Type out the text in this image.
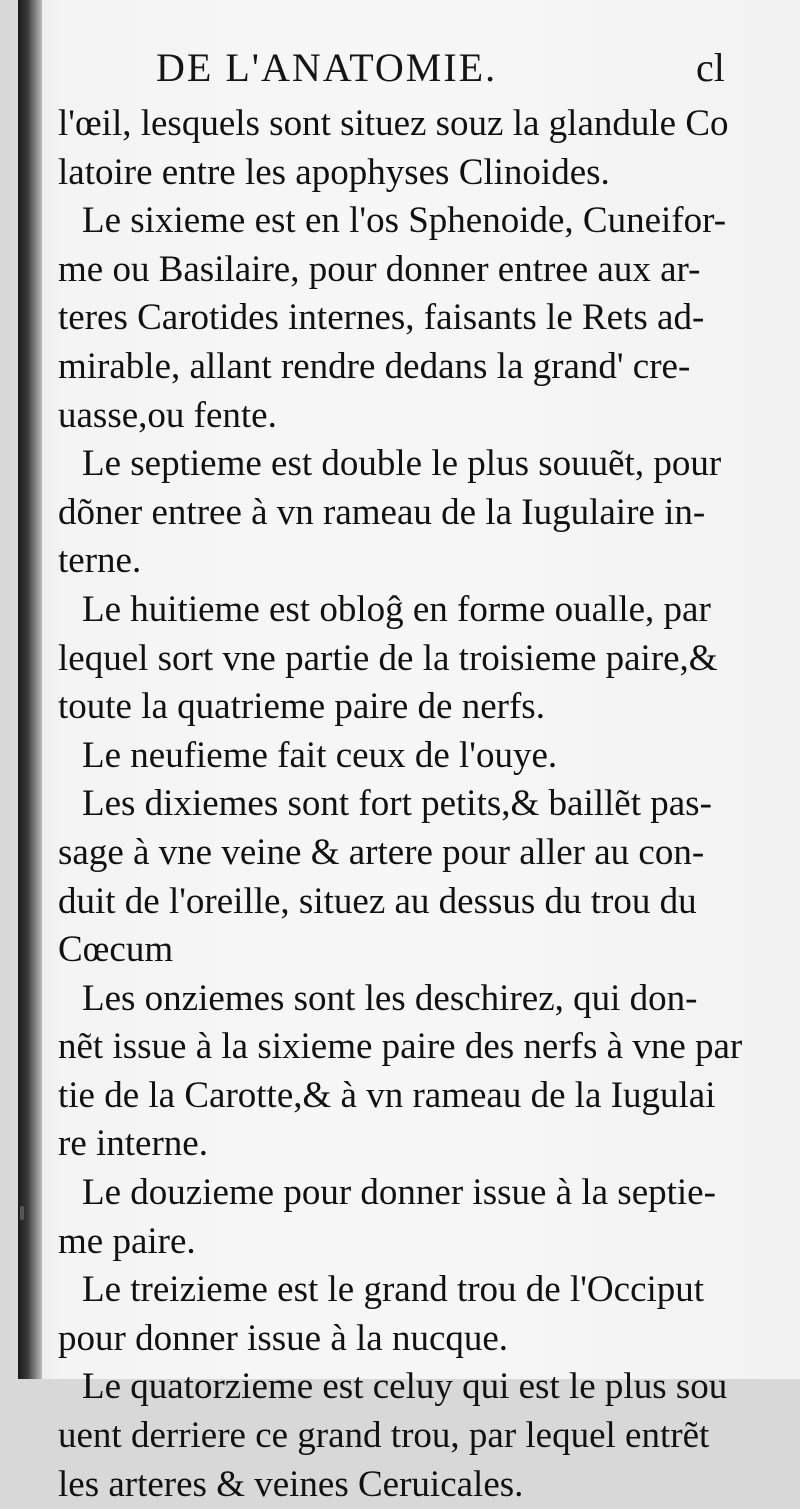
DE L'ANATOMIE.	cl
l'œil, lesquels sont situez souz la glandule Co
latoire entre les apophyses Clinoides.
Le sixieme est en l'os Sphenoide, Cuneifor-
me ou Basilaire, pour donner entree aux ar-
teres Carotides internes, faisants le Rets ad-
mirable, allant rendre dedans la grand' cre-
uasse,ou fente.
Le septieme est double le plus souuẽt, pour
dõner entree à vn rameau de la Iugulaire in-
terne.
Le huitieme est obloĝ en forme oualle, par
lequel sort vne partie de la troisieme paire,&
toute la quatrieme paire de nerfs.
Le neufieme fait ceux de l'ouye.
Les dixiemes sont fort petits,& baillẽt pas-
sage à vne veine & artere pour aller au con-
duit de l'oreille, situez au dessus du trou du
Cœcum
Les onziemes sont les deschirez, qui don-
nẽt issue à la sixieme paire des nerfs à vne par
tie de la Carotte,& à vn rameau de la Iugulai
re interne.
Le douzieme pour donner issue à la septie-
me paire.
Le treizieme est le grand trou de l'Occiput
pour donner issue à la nucque.
Le quatorzieme est celuy qui est le plus sou
uent derriere ce grand trou, par lequel entrẽt
les arteres & veines Ceruicales.
